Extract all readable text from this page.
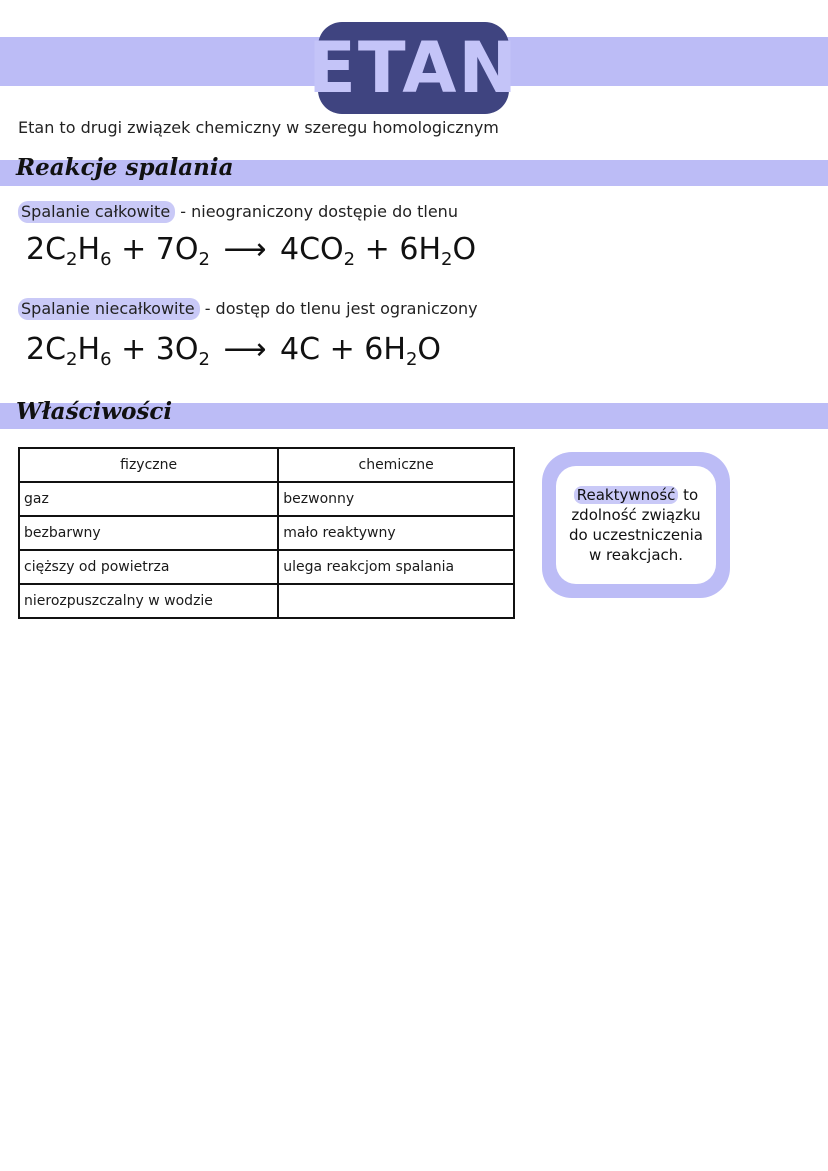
ETAN
Etan to drugi związek chemiczny w szeregu homologicznym
Reakcje spalania
Spalanie całkowite - nieograniczony dostępie do tlenu
$2C_2H_6 + 7O_2$ ⟶ $4CO_2 + 6H_2O$
Spalanie niecałkowite - dostęp do tlenu jest ograniczony
$2C_2H_6 + 3O_2$ ⟶ $4C + 6H_2O$
Właściwości
fizyczne	chemiczne
gaz	bezwonny
bezbarwny	mało reaktywny
cięższy od powietrza	ulega reakcjom spalania
nierozpuszczalny w wodzie	
Reaktywność to zdolność związku do uczestniczenia w reakcjach.
